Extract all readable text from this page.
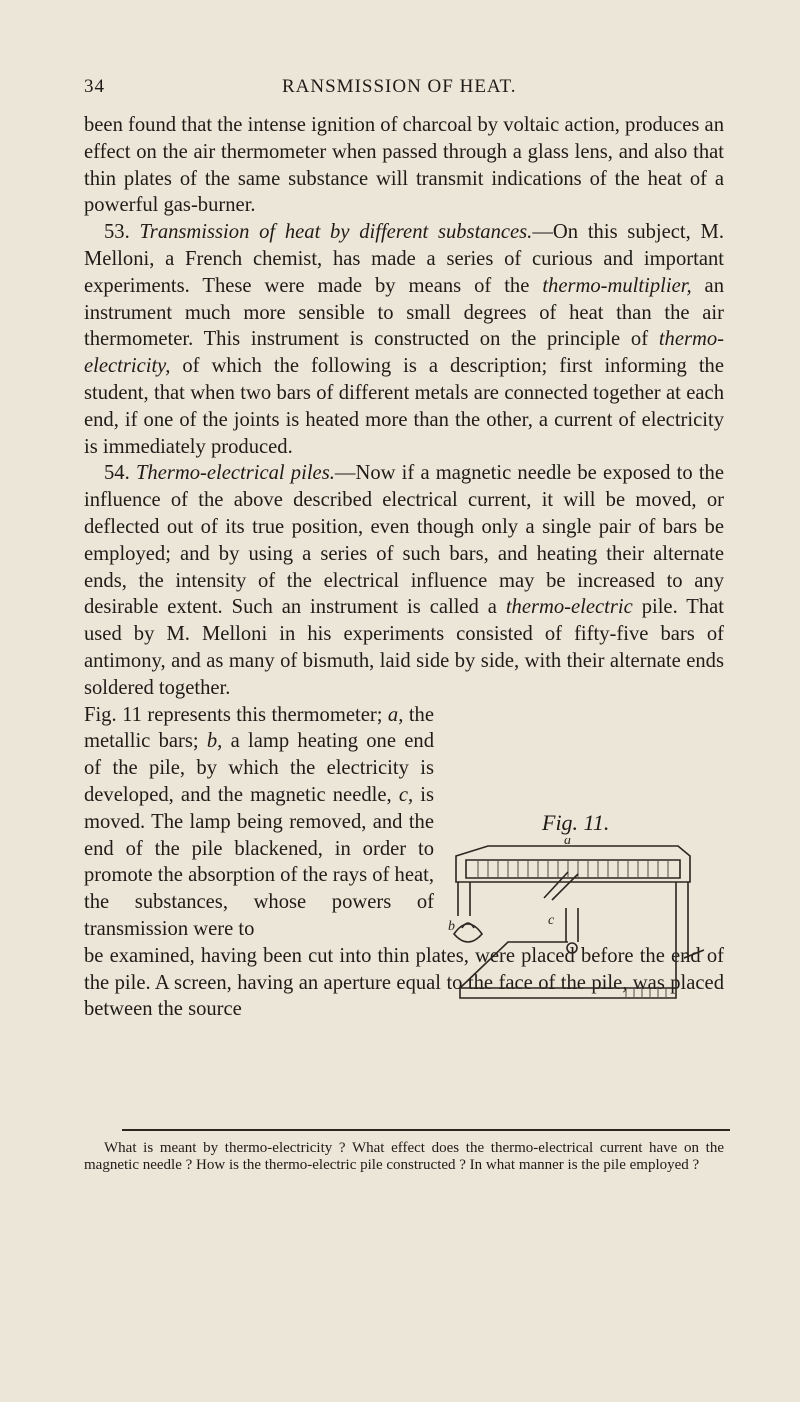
34	RANSMISSION OF HEAT.

been found that the intense ignition of charcoal by voltaic action, produces an effect on the air thermometer when passed through a glass lens, and also that thin plates of the same substance will transmit indications of the heat of a powerful gas-burner.

53. Transmission of heat by different substances.—On this subject, M. Melloni, a French chemist, has made a series of curious and important experiments. These were made by means of the thermo-multiplier, an instrument much more sensible to small degrees of heat than the air thermometer. This instrument is constructed on the principle of thermo-electricity, of which the following is a description; first informing the student, that when two bars of different metals are connected together at each end, if one of the joints is heated more than the other, a current of electricity is immediately produced.

54. Thermo-electrical piles.—Now if a magnetic needle be exposed to the influence of the above described electrical current, it will be moved, or deflected out of its true position, even though only a single pair of bars be employed; and by using a series of such bars, and heating their alternate ends, the intensity of the electrical influence may be increased to any desirable extent. Such an instrument is called a thermo-electric pile. That used by M. Melloni in his experiments consisted of fifty-five bars of antimony, and as many of bismuth, laid side by side, with their alternate ends soldered together.

Fig. 11 represents this thermometer; a, the metallic bars; b, a lamp heating one end of the pile, by which the electricity is developed, and the magnetic needle, c, is moved. The lamp being removed, and the end of the pile blackened, in order to promote the absorption of the rays of heat, the substances, whose powers of transmission were to

be examined, having been cut into thin plates, were placed before the end of the pile. A screen, having an aperture equal to the face of the pile, was placed between the source

Fig. 11.
a
b	c

What is meant by thermo-electricity ? What effect does the thermo-electrical current have on the magnetic needle ? How is the thermo-electric pile constructed ? In what manner is the pile employed ?
